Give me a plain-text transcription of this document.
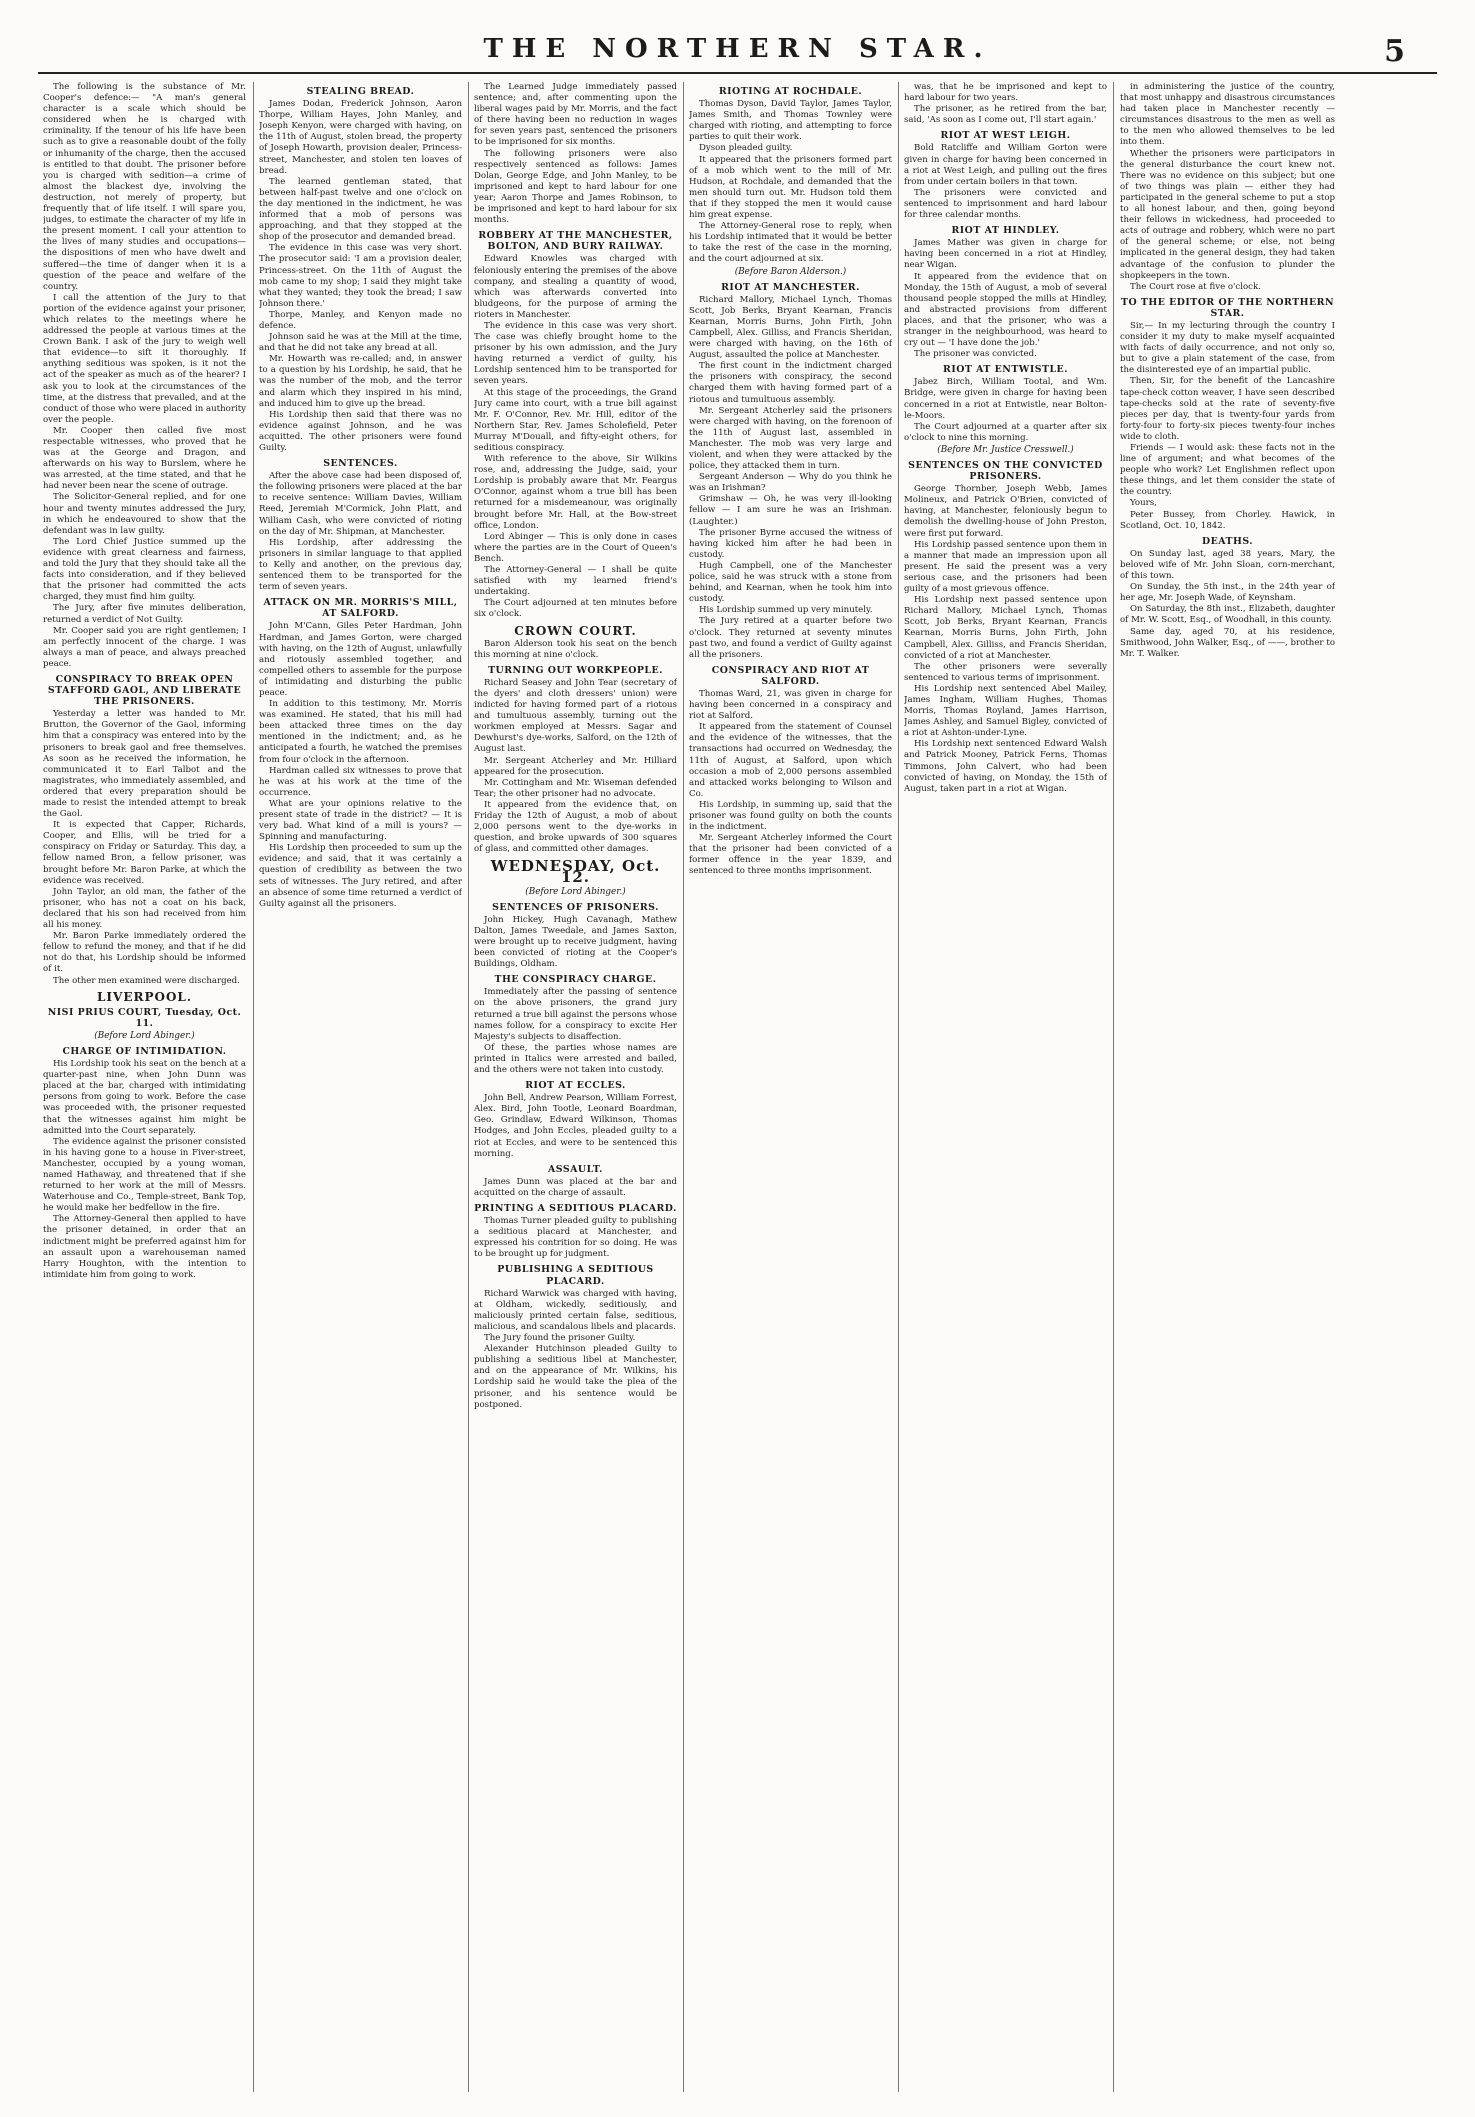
THE NORTHERN STAR.	5

The following is the substance of Mr. Cooper's defence:— "A man's general character is a scale which should be considered when he is charged with criminality. If the tenour of his life have been such as to give a reasonable doubt of the folly or inhumanity of the charge, then the accused is entitled to that doubt. The prisoner before you is charged with sedition—a crime of almost the blackest dye, involving the destruction, not merely of property, but frequently that of life itself. I will spare you, judges, to estimate the character of my life in the present moment. I call your attention to the lives of many studies and occupations—the dispositions of men who have dwelt and suffered—the time of danger when it is a question of the peace and welfare of the country.

I call the attention of the Jury to that portion of the evidence against your prisoner, which relates to the meetings where he addressed the people at various times at the Crown Bank. I ask of the jury to weigh well that evidence—to sift it thoroughly. If anything seditious was spoken, is it not the act of the speaker as much as of the hearer? I ask you to look at the circumstances of the time, at the distress that prevailed, and at the conduct of those who were placed in authority over the people.

Mr. Cooper then called five most respectable witnesses, who proved that he was at the George and Dragon, and afterwards on his way to Burslem, where he was arrested, at the time stated, and that he had never been near the scene of outrage.

The Solicitor-General replied, and for one hour and twenty minutes addressed the Jury, in which he endeavoured to show that the defendant was in law guilty.

The Lord Chief Justice summed up the evidence with great clearness and fairness, and told the Jury that they should take all the facts into consideration, and if they believed that the prisoner had committed the acts charged, they must find him guilty.

The Jury, after five minutes deliberation, returned a verdict of Not Guilty.

Mr. Cooper said you are right gentlemen; I am perfectly innocent of the charge. I was always a man of peace, and always preached peace.

CONSPIRACY TO BREAK OPEN STAFFORD GAOL, AND LIBERATE THE PRISONERS.

Yesterday a letter was handed to Mr. Brutton, the Governor of the Gaol, informing him that a conspiracy was entered into by the prisoners to break gaol and free themselves. As soon as he received the information, he communicated it to Earl Talbot and the magistrates, who immediately assembled, and ordered that every preparation should be made to resist the intended attempt to break the Gaol.

It is expected that Capper, Richards, Cooper, and Ellis, will be tried for a conspiracy on Friday or Saturday. This day, a fellow named Bron, a fellow prisoner, was brought before Mr. Baron Parke, at which the evidence was received.

John Taylor, an old man, the father of the prisoner, who has not a coat on his back, declared that his son had received from him all his money.

Mr. Baron Parke immediately ordered the fellow to refund the money, and that if he did not do that, his Lordship should be informed of it.

The other men examined were discharged.

LIVERPOOL.
NISI PRIUS COURT, Tuesday, Oct. 11.
(Before Lord Abinger.)
CHARGE OF INTIMIDATION.

His Lordship took his seat on the bench at a quarter-past nine, when John Dunn was placed at the bar, charged with intimidating persons from going to work. Before the case was proceeded with, the prisoner requested that the witnesses against him might be admitted into the Court separately.

The evidence against the prisoner consisted in his having gone to a house in Fiver-street, Manchester, occupied by a young woman, named Hathaway, and threatened that if she returned to her work at the mill of Messrs. Waterhouse and Co., Temple-street, Bank Top, he would make her bedfellow in the fire.

The Attorney-General then applied to have the prisoner detained, in order that an indictment might be preferred against him for an assault upon a warehouseman named Harry Houghton, with the intention to intimidate him from going to work.

STEALING BREAD.

James Dodan, Frederick Johnson, Aaron Thorpe, William Hayes, John Manley, and Joseph Kenyon, were charged with having, on the 11th of August, stolen bread, the property of Joseph Howarth, provision dealer, Princess-street, Manchester, and stolen ten loaves of bread.

The learned gentleman stated, that between half-past twelve and one o'clock on the day mentioned in the indictment, he was informed that a mob of persons was approaching, and that they stopped at the shop of the prosecutor and demanded bread.

The evidence in this case was very short. The prosecutor said: 'I am a provision dealer, Princess-street. On the 11th of August the mob came to my shop; I said they might take what they wanted; they took the bread; I saw Johnson there.'

Thorpe, Manley, and Kenyon made no defence.

Johnson said he was at the Mill at the time, and that he did not take any bread at all.

Mr. Howarth was re-called; and, in answer to a question by his Lordship, he said, that he was the number of the mob, and the terror and alarm which they inspired in his mind, and induced him to give up the bread.

His Lordship then said that there was no evidence against Johnson, and he was acquitted. The other prisoners were found Guilty.

SENTENCES.

After the above case had been disposed of, the following prisoners were placed at the bar to receive sentence: William Davies, William Reed, Jeremiah M'Cormick, John Platt, and William Cash, who were convicted of rioting on the day of Mr. Shipman, at Manchester.

His Lordship, after addressing the prisoners in similar language to that applied to Kelly and another, on the previous day, sentenced them to be transported for the term of seven years.

ATTACK ON MR. MORRIS'S MILL, AT SALFORD.

John M'Cann, Giles Peter Hardman, John Hardman, and James Gorton, were charged with having, on the 12th of August, unlawfully and riotously assembled together, and compelled others to assemble for the purpose of intimidating and disturbing the public peace.

In addition to this testimony, Mr. Morris was examined. He stated, that his mill had been attacked three times on the day mentioned in the indictment; and, as he anticipated a fourth, he watched the premises from four o'clock in the afternoon.

Hardman called six witnesses to prove that he was at his work at the time of the occurrence.

What are your opinions relative to the present state of trade in the district? — It is very bad. What kind of a mill is yours? — Spinning and manufacturing.

His Lordship then proceeded to sum up the evidence; and said, that it was certainly a question of credibility as between the two sets of witnesses. The Jury retired, and after an absence of some time returned a verdict of Guilty against all the prisoners.

The Learned Judge immediately passed sentence; and, after commenting upon the liberal wages paid by Mr. Morris, and the fact of there having been no reduction in wages for seven years past, sentenced the prisoners to be imprisoned for six months.

The following prisoners were also respectively sentenced as follows: James Dolan, George Edge, and John Manley, to be imprisoned and kept to hard labour for one year; Aaron Thorpe and James Robinson, to be imprisoned and kept to hard labour for six months.

ROBBERY AT THE MANCHESTER, BOLTON, AND BURY RAILWAY.

Edward Knowles was charged with feloniously entering the premises of the above company, and stealing a quantity of wood, which was afterwards converted into bludgeons, for the purpose of arming the rioters in Manchester.

The evidence in this case was very short. The case was chiefly brought home to the prisoner by his own admission, and the Jury having returned a verdict of guilty, his Lordship sentenced him to be transported for seven years.

At this stage of the proceedings, the Grand Jury came into court, with a true bill against Mr. F. O'Connor, Rev. Mr. Hill, editor of the Northern Star, Rev. James Scholefield, Peter Murray M'Douall, and fifty-eight others, for seditious conspiracy.

With reference to the above, Sir Wilkins rose, and, addressing the Judge, said, your Lordship is probably aware that Mr. Feargus O'Connor, against whom a true bill has been returned for a misdemeanour, was originally brought before Mr. Hall, at the Bow-street office, London.

Lord Abinger — This is only done in cases where the parties are in the Court of Queen's Bench.

The Attorney-General — I shall be quite satisfied with my learned friend's undertaking.

The Court adjourned at ten minutes before six o'clock.

CROWN COURT.

Baron Alderson took his seat on the bench this morning at nine o'clock.

TURNING OUT WORKPEOPLE.

Richard Seasey and John Tear (secretary of the dyers' and cloth dressers' union) were indicted for having formed part of a riotous and tumultuous assembly, turning out the workmen employed at Messrs. Sagar and Dewhurst's dye-works, Salford, on the 12th of August last.

Mr. Sergeant Atcherley and Mr. Hilliard appeared for the prosecution.

Mr. Cottingham and Mr. Wiseman defended Tear; the other prisoner had no advocate.

It appeared from the evidence that, on Friday the 12th of August, a mob of about 2,000 persons went to the dye-works in question, and broke upwards of 300 squares of glass, and committed other damages.

WEDNESDAY, Oct. 12.
(Before Lord Abinger.)
SENTENCES OF PRISONERS.

John Hickey, Hugh Cavanagh, Mathew Dalton, James Tweedale, and James Saxton, were brought up to receive judgment, having been convicted of rioting at the Cooper's Buildings, Oldham.

THE CONSPIRACY CHARGE.

Immediately after the passing of sentence on the above prisoners, the grand jury returned a true bill against the persons whose names follow, for a conspiracy to excite Her Majesty's subjects to disaffection.

Of these, the parties whose names are printed in Italics were arrested and bailed, and the others were not taken into custody.

RIOT AT ECCLES.

John Bell, Andrew Pearson, William Forrest, Alex. Bird, John Tootle, Leonard Boardman, Geo. Grindlaw, Edward Wilkinson, Thomas Hodges, and John Eccles, pleaded guilty to a riot at Eccles, and were to be sentenced this morning.

ASSAULT.

James Dunn was placed at the bar and acquitted on the charge of assault.

PRINTING A SEDITIOUS PLACARD.

Thomas Turner pleaded guilty to publishing a seditious placard at Manchester, and expressed his contrition for so doing. He was to be brought up for judgment.

PUBLISHING A SEDITIOUS PLACARD.

Richard Warwick was charged with having, at Oldham, wickedly, seditiously, and maliciously printed certain false, seditious, malicious, and scandalous libels and placards.

The Jury found the prisoner Guilty.

Alexander Hutchinson pleaded Guilty to publishing a seditious libel at Manchester, and on the appearance of Mr. Wilkins, his Lordship said he would take the plea of the prisoner, and his sentence would be postponed.

RIOTING AT ROCHDALE.

Thomas Dyson, David Taylor, James Taylor, James Smith, and Thomas Townley were charged with rioting, and attempting to force parties to quit their work.

Dyson pleaded guilty.

It appeared that the prisoners formed part of a mob which went to the mill of Mr. Hudson, at Rochdale, and demanded that the men should turn out. Mr. Hudson told them that if they stopped the men it would cause him great expense.

The Attorney-General rose to reply, when his Lordship intimated that it would be better to take the rest of the case in the morning, and the court adjourned at six.

(Before Baron Alderson.)
RIOT AT MANCHESTER.

Richard Mallory, Michael Lynch, Thomas Scott, Job Berks, Bryant Kearnan, Francis Kearnan, Morris Burns, John Firth, John Campbell, Alex. Gilliss, and Francis Sheridan, were charged with having, on the 16th of August, assaulted the police at Manchester.

The first count in the indictment charged the prisoners with conspiracy, the second charged them with having formed part of a riotous and tumultuous assembly.

Mr. Sergeant Atcherley said the prisoners were charged with having, on the forenoon of the 11th of August last, assembled in Manchester. The mob was very large and violent, and when they were attacked by the police, they attacked them in turn.

Sergeant Anderson — Why do you think he was an Irishman?

Grimshaw — Oh, he was very ill-looking fellow — I am sure he was an Irishman. (Laughter.)

The prisoner Byrne accused the witness of having kicked him after he had been in custody.

Hugh Campbell, one of the Manchester police, said he was struck with a stone from behind, and Kearnan, when he took him into custody.

His Lordship summed up very minutely.

The Jury retired at a quarter before two o'clock. They returned at seventy minutes past two, and found a verdict of Guilty against all the prisoners.

CONSPIRACY AND RIOT AT SALFORD.

Thomas Ward, 21, was given in charge for having been concerned in a conspiracy and riot at Salford.

It appeared from the statement of Counsel and the evidence of the witnesses, that the transactions had occurred on Wednesday, the 11th of August, at Salford, upon which occasion a mob of 2,000 persons assembled and attacked works belonging to Wilson and Co.

His Lordship, in summing up, said that the prisoner was found guilty on both the counts in the indictment.

Mr. Sergeant Atcherley informed the Court that the prisoner had been convicted of a former offence in the year 1839, and sentenced to three months imprisonment.

was, that he be imprisoned and kept to hard labour for two years.

The prisoner, as he retired from the bar, said, 'As soon as I come out, I'll start again.'

RIOT AT WEST LEIGH.

Bold Ratcliffe and William Gorton were given in charge for having been concerned in a riot at West Leigh, and pulling out the fires from under certain boilers in that town.

The prisoners were convicted and sentenced to imprisonment and hard labour for three calendar months.

RIOT AT HINDLEY.

James Mather was given in charge for having been concerned in a riot at Hindley, near Wigan.

It appeared from the evidence that on Monday, the 15th of August, a mob of several thousand people stopped the mills at Hindley, and abstracted provisions from different places, and that the prisoner, who was a stranger in the neighbourhood, was heard to cry out — 'I have done the job.'

The prisoner was convicted.

RIOT AT ENTWISTLE.

Jabez Birch, William Tootal, and Wm. Bridge, were given in charge for having been concerned in a riot at Entwistle, near Bolton-le-Moors.

The Court adjourned at a quarter after six o'clock to nine this morning.

(Before Mr. Justice Cresswell.)
SENTENCES ON THE CONVICTED PRISONERS.

George Thornber, Joseph Webb, James Molineux, and Patrick O'Brien, convicted of having, at Manchester, feloniously begun to demolish the dwelling-house of John Preston, were first put forward.

His Lordship passed sentence upon them in a manner that made an impression upon all present. He said the present was a very serious case, and the prisoners had been guilty of a most grievous offence.

His Lordship next passed sentence upon Richard Mallory, Michael Lynch, Thomas Scott, Job Berks, Bryant Kearnan, Francis Kearnan, Morris Burns, John Firth, John Campbell, Alex. Gilliss, and Francis Sheridan, convicted of a riot at Manchester.

The other prisoners were severally sentenced to various terms of imprisonment.

His Lordship next sentenced Abel Mailey, James Ingham, William Hughes, Thomas Morris, Thomas Royland, James Harrison, James Ashley, and Samuel Bigley, convicted of a riot at Ashton-under-Lyne.

His Lordship next sentenced Edward Walsh and Patrick Mooney, Patrick Ferns, Thomas Timmons, John Calvert, who had been convicted of having, on Monday, the 15th of August, taken part in a riot at Wigan.

in administering the justice of the country, that most unhappy and disastrous circumstances had taken place in Manchester recently — circumstances disastrous to the men as well as to the men who allowed themselves to be led into them.

Whether the prisoners were participators in the general disturbance the court knew not. There was no evidence on this subject; but one of two things was plain — either they had participated in the general scheme to put a stop to all honest labour, and then, going beyond their fellows in wickedness, had proceeded to acts of outrage and robbery, which were no part of the general scheme; or else, not being implicated in the general design, they had taken advantage of the confusion to plunder the shopkeepers in the town.

The Court rose at five o'clock.

TO THE EDITOR OF THE NORTHERN STAR.

Sir,— In my lecturing through the country I consider it my duty to make myself acquainted with facts of daily occurrence, and not only so, but to give a plain statement of the case, from the disinterested eye of an impartial public.

Then, Sir, for the benefit of the Lancashire tape-check cotton weaver, I have seen described tape-checks sold at the rate of seventy-five pieces per day, that is twenty-four yards from forty-four to forty-six pieces twenty-four inches wide to cloth.

Friends — I would ask: these facts not in the line of argument; and what becomes of the people who work? Let Englishmen reflect upon these things, and let them consider the state of the country.

Yours,

Peter Bussey, from Chorley. Hawick, in Scotland, Oct. 10, 1842.

DEATHS.

On Sunday last, aged 38 years, Mary, the beloved wife of Mr. John Sloan, corn-merchant, of this town.

On Sunday, the 5th inst., in the 24th year of her age, Mr. Joseph Wade, of Keynsham.

On Saturday, the 8th inst., Elizabeth, daughter of Mr. W. Scott, Esq., of Woodhall, in this county.

Same day, aged 70, at his residence, Smithwood, John Walker, Esq., of ——, brother to Mr. T. Walker.
